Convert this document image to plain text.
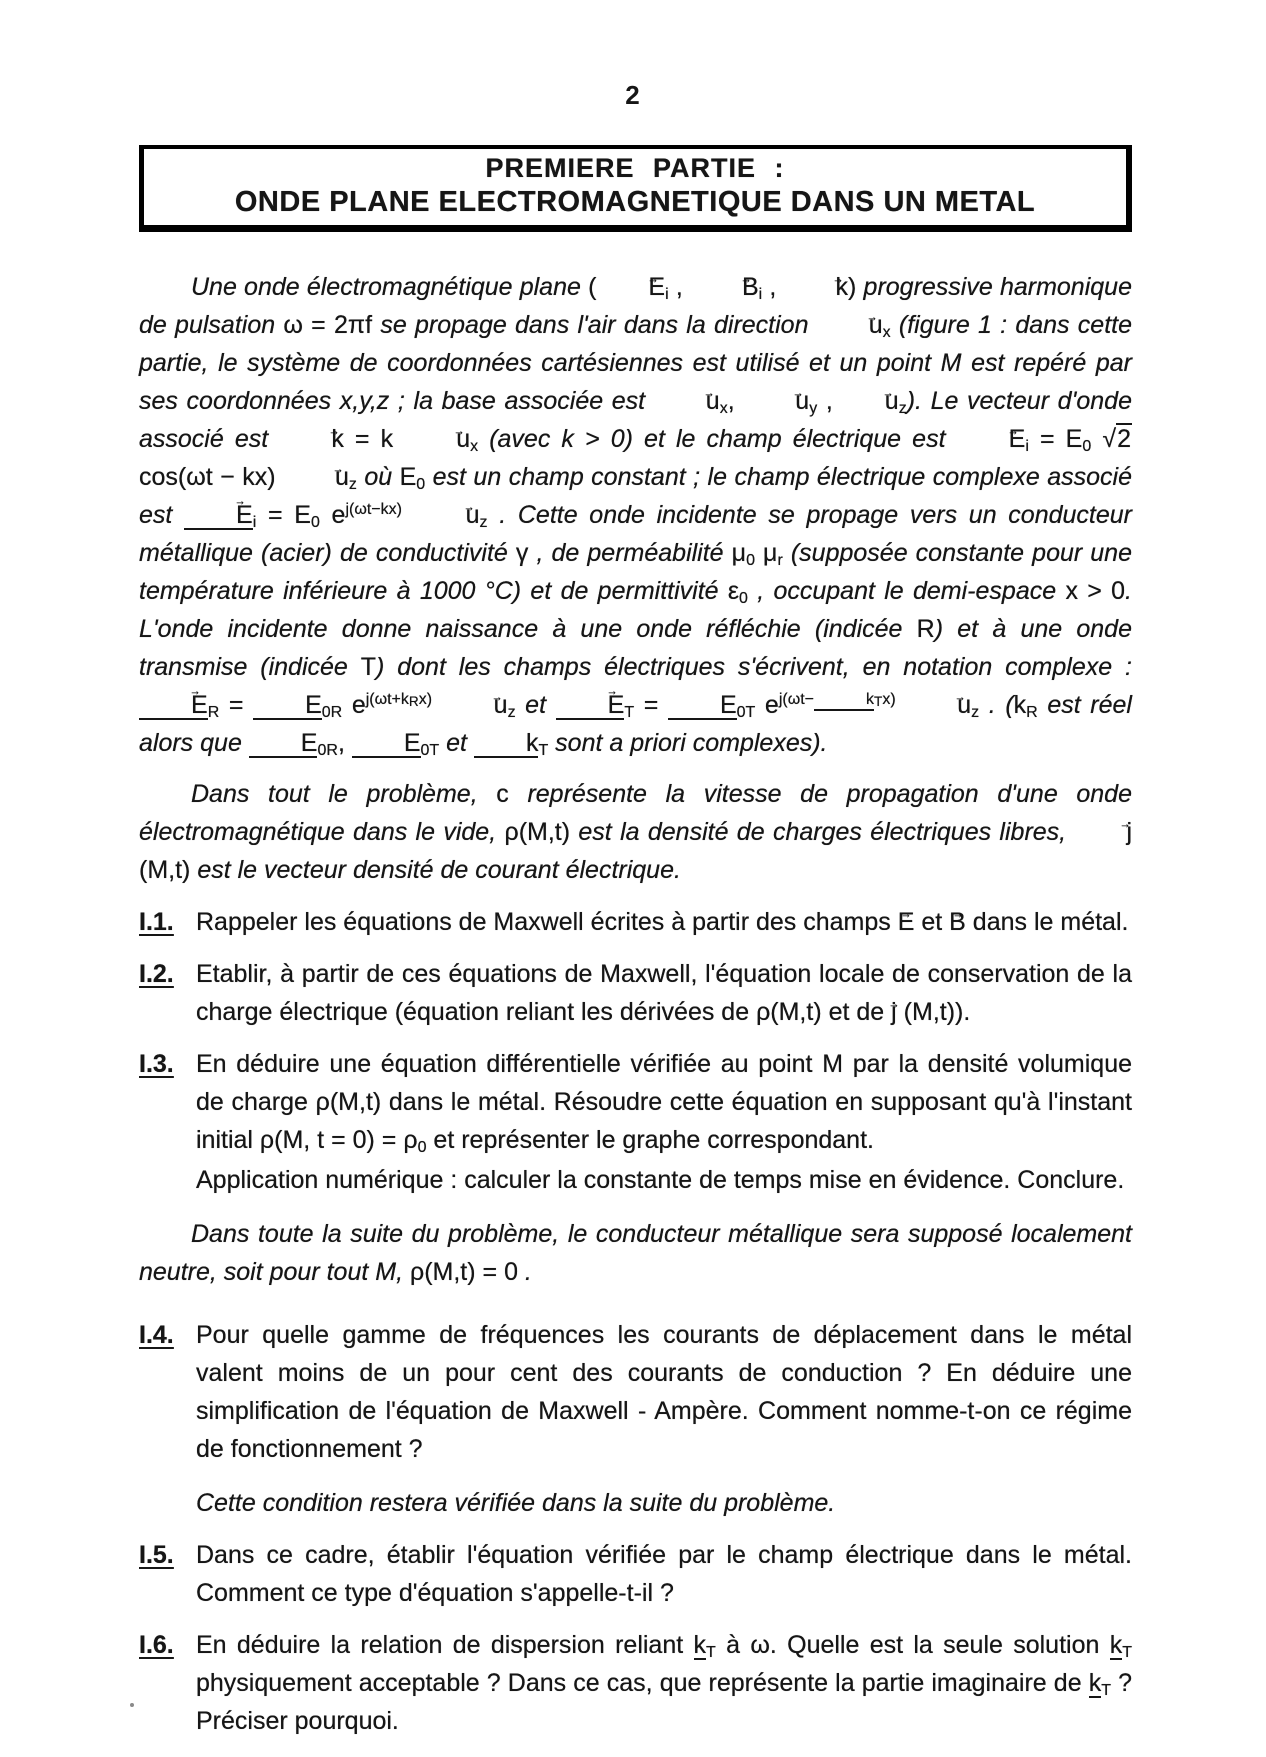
2
PREMIERE PARTIE :
ONDE PLANE ELECTROMAGNETIQUE DANS UN METAL

Une onde électromagnétique plane ( → $E_i$ , → $B_i$ , → k) progressive harmonique de pulsation ω = 2πf se propage dans l'air dans la direction → $u_x$ (figure 1 : dans cette partie, le système de coordonnées cartésiennes est utilisé et un point M est repéré par ses coordonnées x,y,z ; la base associée est → $u_x$, → $u_y$ , → $u_z$). Le vecteur d'onde associé est → $k = k \to u_x$ (avec k > 0) et le champ électrique est → $E_i = E_0$ √2 $\cos(\omega t - kx) \to u_z$ où $E_0$ est un champ constant ; le champ électrique complexe associé est → $E_i = E_0$ $e^{j(\omega t-kx)}$	→ $u_z$ . Cette onde incidente se propage vers un conducteur métallique (acier) de conductivité γ , de perméabilité $\mu_0$ $\mu_r$ (supposée constante pour une température inférieure à 1000 °C) et de permittivité $\varepsilon_0$ , occupant le demi-espace x > 0. L'onde incidente donne naissance à une onde réfléchie (indicée R) et à une onde transmise (indicée T) dont les champs électriques s'écrivent, en notation complexe : → $E_R = E_{0R}$ $e^{j(\omega t+k_Rx)} \to u_z$ et → $E_T = E_{0T}$ $e^{j(\omega t- k_Tx)} \to u_z$ . ($k_R$ est réel alors que $E_{0R}$, $E_{0T}$ et $k_T$ sont a priori complexes).

Dans tout le problème, c représente la vitesse de propagation d'une onde électromagnétique dans le vide, ρ(M,t) est la densité de charges électriques libres, → j (M,t) est le vecteur densité de courant électrique.

I.1. Rappeler les équations de Maxwell écrites à partir des champs → E et → B dans le métal.

I.2. Etablir, à partir de ces équations de Maxwell, l'équation locale de conservation de la charge électrique (équation reliant les dérivées de ρ(M,t) et de → j (M,t)).

I.3. En déduire une équation différentielle vérifiée au point M par la densité volumique de charge ρ(M,t) dans le métal. Résoudre cette équation en supposant qu'à l'instant initial ρ(M, $t = 0) = \rho_0$ et représenter le graphe correspondant.

Application numérique : calculer la constante de temps mise en évidence. Conclure.

Dans toute la suite du problème, le conducteur métallique sera supposé localement neutre, soit pour tout M, ρ(M,t) = 0 .

I.4. Pour quelle gamme de fréquences les courants de déplacement dans le métal valent moins de un pour cent des courants de conduction ? En déduire une simplification de l'équation de Maxwell - Ampère. Comment nomme-t-on ce régime de fonctionnement ?

Cette condition restera vérifiée dans la suite du problème.

I.5. Dans ce cadre, établir l'équation vérifiée par le champ électrique dans le métal. Comment ce type d'équation s'appelle-t-il ?

I.6. En déduire la relation de dispersion reliant $k_T$ à ω. Quelle est la seule solution $k_T$ physiquement acceptable ? Dans ce cas, que représente la partie imaginaire de $k_T$ ? Préciser pourquoi.
